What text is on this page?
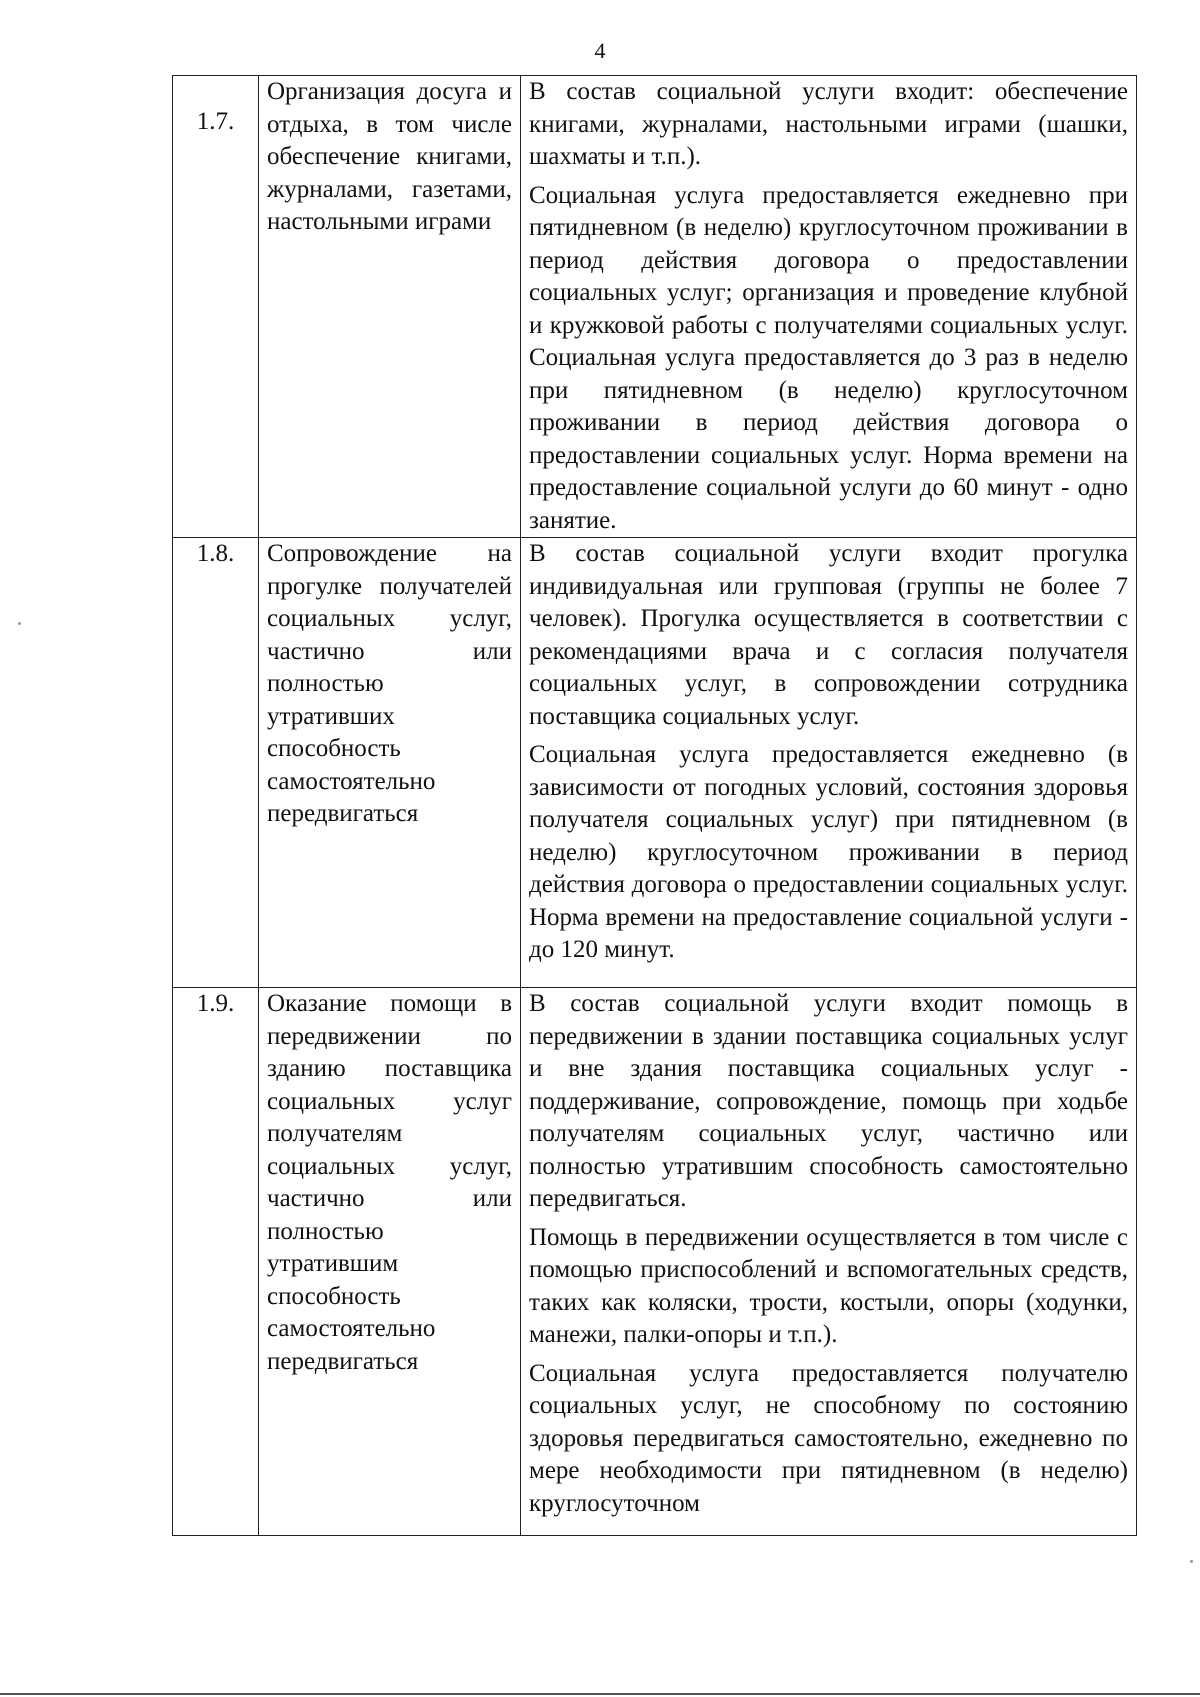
4
1.7.	Организация досуга и отдыха, в том числе обеспечение книгами, журналами, газетами, настольными играми	В состав социальной услуги входит: обеспечение книгами, журналами, настольными играми (шашки, шахматы и т.п.).
Социальная услуга предоставляется ежедневно при пятидневном (в неделю) круглосуточном проживании в период действия договора о предоставлении социальных услуг; организация и проведение клубной и кружковой работы с получателями социальных услуг. Социальная услуга предоставляется до 3 раз в неделю при пятидневном (в неделю) круглосуточном проживании в период действия договора о предоставлении социальных услуг. Норма времени на предоставление социальной услуги до 60 минут - одно занятие.

1.8.	Сопровождение на прогулке получателей социальных услуг, частично или полностью утративших способность самостоятельно передвигаться	В состав социальной услуги входит прогулка индивидуальная или групповая (группы не более 7 человек). Прогулка осуществляется в соответствии с рекомендациями врача и с согласия получателя социальных услуг, в сопровождении сотрудника поставщика социальных услуг.
Социальная услуга предоставляется ежедневно (в зависимости от погодных условий, состояния здоровья получателя социальных услуг) при пятидневном (в неделю) круглосуточном проживании в период действия договора о предоставлении социальных услуг. Норма времени на предоставление социальной услуги - до 120 минут.

1.9.	Оказание помощи в передвижении по зданию поставщика социальных услуг получателям социальных услуг, частично или полностью утратившим способность самостоятельно передвигаться	В состав социальной услуги входит помощь в передвижении в здании поставщика социальных услуг и вне здания поставщика социальных услуг - поддерживание, сопровождение, помощь при ходьбе получателям социальных услуг, частично или полностью утратившим способность самостоятельно передвигаться.
Помощь в передвижении осуществляется в том числе с помощью приспособлений и вспомогательных средств, таких как коляски, трости, костыли, опоры (ходунки, манежи, палки-опоры и т.п.).
Социальная услуга предоставляется получателю социальных услуг, не способному по состоянию здоровья передвигаться самостоятельно, ежедневно по мере необходимости при пятидневном (в неделю) круглосуточном
